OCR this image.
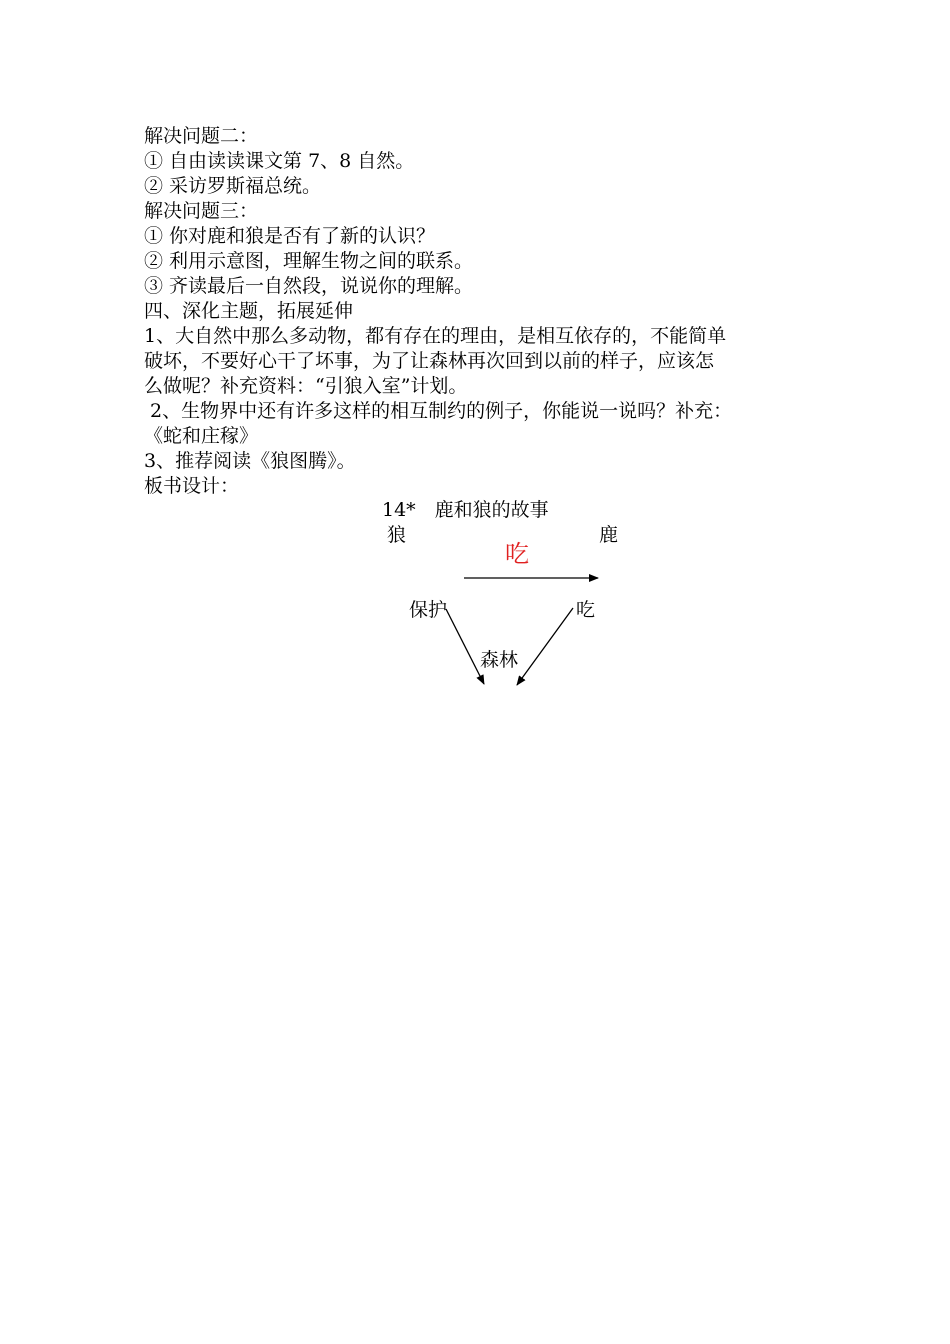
解决问题二：
① 自由读读课文第 7、8 自然。
② 采访罗斯福总统。
解决问题三：
① 你对鹿和狼是否有了新的认识？
② 利用示意图，理解生物之间的联系。
③ 齐读最后一自然段，说说你的理解。
四、深化主题，拓展延伸
1、大自然中那么多动物，都有存在的理由，是相互依存的，不能简单
破坏，不要好心干了坏事，为了让森林再次回到以前的样子，应该怎
么做呢？补充资料：“引狼入室”计划。
2、生物界中还有许多这样的相互制约的例子，你能说一说吗？补充：
《蛇和庄稼》
3、推荐阅读《狼图腾》。
板书设计：
14*　鹿和狼的故事
狼	鹿
吃
保护	吃
森林
